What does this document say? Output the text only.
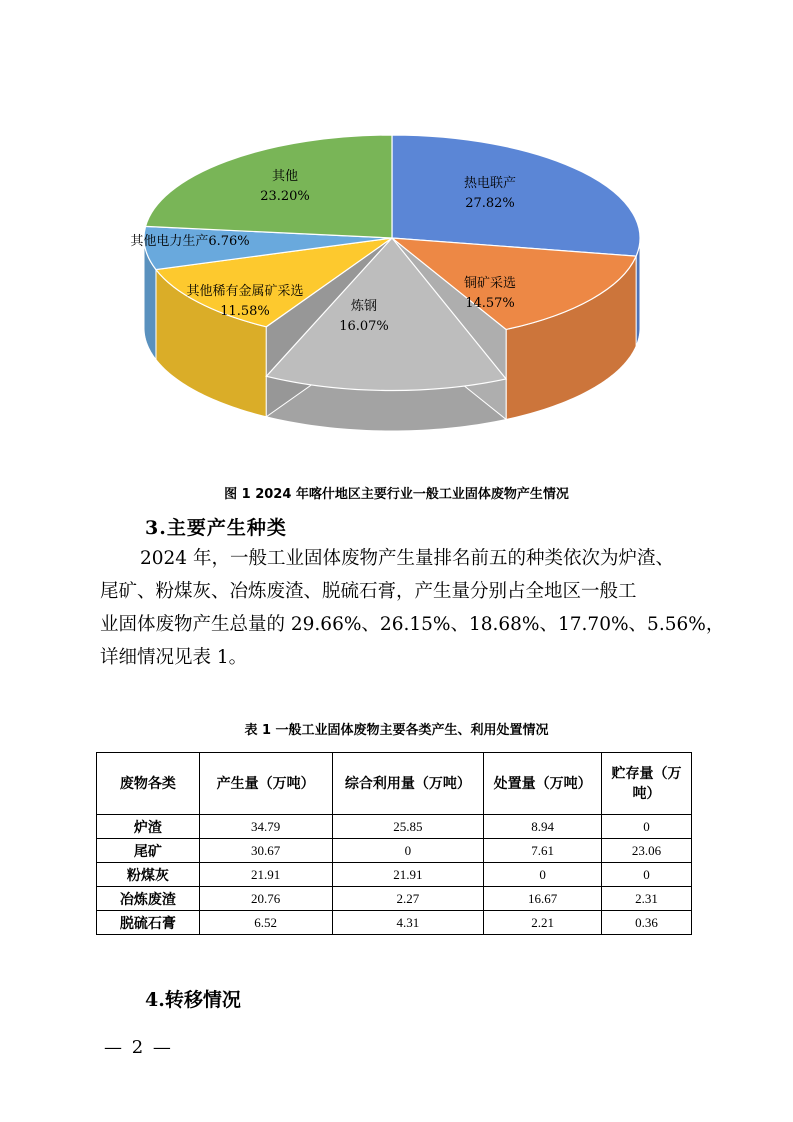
热电联产
27.82%
铜矿采选
14.57%
炼钢
16.07%
其他稀有金属矿采选
11.58%
其他电力生产6.76%
其他
23.20%
图 1 2024 年喀什地区主要行业一般工业固体废物产生情况
3.主要产生种类
2024 年，一般工业固体废物产生量排名前五的种类依次为炉渣、
尾矿、粉煤灰、冶炼废渣、脱硫石膏，产生量分别占全地区一般工
业固体废物产生总量的 29.66%、26.15%、18.68%、17.70%、5.56%，
详细情况见表 1。
表 1 一般工业固体废物主要各类产生、利用处置情况
废物各类	产生量（万吨）	综合利用量（万吨）	处置量（万吨）	贮存量（万吨）
炉渣	34.79	25.85	8.94	0
尾矿	30.67	0	7.61	23.06
粉煤灰	21.91	21.91	0	0
冶炼废渣	20.76	2.27	16.67	2.31
脱硫石膏	6.52	4.31	2.21	0.36
4.转移情况
— 2 —
